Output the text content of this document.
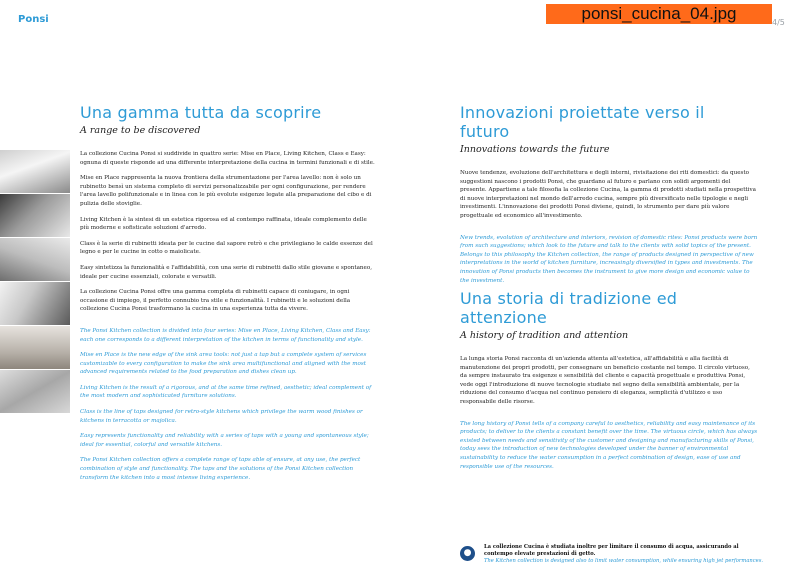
Ponsi	ponsi_cucina_04.jpg	4/5
Una gamma tutta da scoprire
A range to be discovered

La collezione Cucina Ponsi si suddivide in quattro serie: Mise en Place, Living Kitchen, Class e Easy: ognuna di queste risponde ad una differente interpretazione della cucina in termini funzionali e di stile.

Mise en Place rappresenta la nuova frontiera della strumentazione per l'area lavello: non è solo un rubinetto bensì un sistema completo di servizi personalizzabile per ogni configurazione, per rendere l'area lavello polifunzionale e in linea con le più evolute esigenze legate alla preparazione del cibo e di pulizia delle stoviglie.

Living Kitchen è la sintesi di un estetica rigorosa ed al contempo raffinata, ideale complemento delle più moderne e sofisticate soluzioni d'arredo.

Class è la serie di rubinetti ideata per le cucine dal sapore retrò e che privilegiano le calde essenze del legno e per le cucine in cotto o maiolicate.

Easy sintetizza la funzionalità e l'affidabilità, con una serie di rubinetti dallo stile giovane e spontaneo, ideale per cucine essenziali, colorate e versatili.

La collezione Cucina Ponsi offre una gamma completa di rubinetti capace di coniugare, in ogni occasione di impiego, il perfetto connubio tra stile e funzionalità. I rubinetti e le soluzioni della collezione Cucina Ponsi trasformano la cucina in una esperienza tutta da vivere.

The Ponsi Kitchen collection is divided into four series: Mise en Place, Living Kitchen, Class and Easy: each one corresponds to a different interpretation of the kitchen in terms of functionality and style.

Mise en Place is the new edge of the sink area tools: not just a tap but a complete system of services customizable to every configuration to make the sink area multifunctional and aligned with the most advanced requirements related to the food preparation and dishes clean up.

Living Kitchen is the result of a rigorous, and at the same time refined, aesthetic; ideal complement of the most modern and sophisticated furniture solutions.

Class is the line of taps designed for retro-style kitchens which privilege the warm wood finishes or kitchens in terracotta or majolica.

Easy represents functionality and reliability with a series of taps with a young and spontaneous style; ideal for essential, colorful and versatile kitchens.

The Ponsi Kitchen collection offers a complete range of taps able of ensure, at any use, the perfect combination of style and functionality. The taps and the solutions of the Ponsi Kitchen collection transform the kitchen into a most intense living experience.

Innovazioni proiettate verso il futuro
Innovations towards the future

Nuove tendenze, evoluzione dell'architettura e degli interni, rivisitazione dei riti domestici: da questo suggestioni nascono i prodotti Ponsi, che guardano al futuro e parlano con solidi argomenti del presente. Appartiene a tale filosofia la collezione Cucina, la gamma di prodotti studiati nella prospettiva di nuove interpretazioni nel mondo dell'arredo cucina, sempre più diversificato nelle tipologie e negli investimenti. L'innovazione dei prodotti Ponsi diviene, quindi, lo strumento per dare più valore progettuale ed economico all'investimento.

New trends, evolution of architecture and interiors, revision of domestic rites: Ponsi products were born from such suggestions; which look to the future and talk to the clients with solid topics of the present. Belongs to this philosophy the Kitchen collection, the range of products designed in perspective of new interpretations in the world of kitchen furniture, increasingly diversified in types and investments. The innovation of Ponsi products then becomes the instrument to give more design and economic value to the investment.

Una storia di tradizione ed attenzione
A history of tradition and attention

La lunga storia Ponsi racconta di un'azienda attenta all'estetica, all'affidabilità e alla facilità di manutenzione dei propri prodotti, per consegnare un beneficio costante nel tempo. Il circolo virtuoso, da sempre instaurato tra esigenze e sensibilità del cliente e capacità progettuale e produttiva Ponsi, vede oggi l'introduzione di nuove tecnologie studiate nel segno della sensibilità ambientale, per la riduzione del consumo d'acqua nel continuo pensiero di eleganza, semplicità d'utilizzo e uso responsabile delle risorse.

The long history of Ponsi tells of a company careful to aesthetics, reliability and easy maintenance of its products; to deliver to the clients a constant benefit over the time. The virtuous circle, which has always existed between needs and sensitivity of the customer and designing and manufacturing skills of Ponsi, today sees the introduction of new technologies developed under the banner of environmental sustainability to reduce the water consumption in a perfect combination of design, ease of use and responsible use of the resources.

●
La collezione Cucina è studiata inoltre per limitare il consumo di acqua, assicurando al contempo elevate prestazioni di getto.
The Kitchen collection is designed also to limit water consumption, while ensuring high jet performances.
